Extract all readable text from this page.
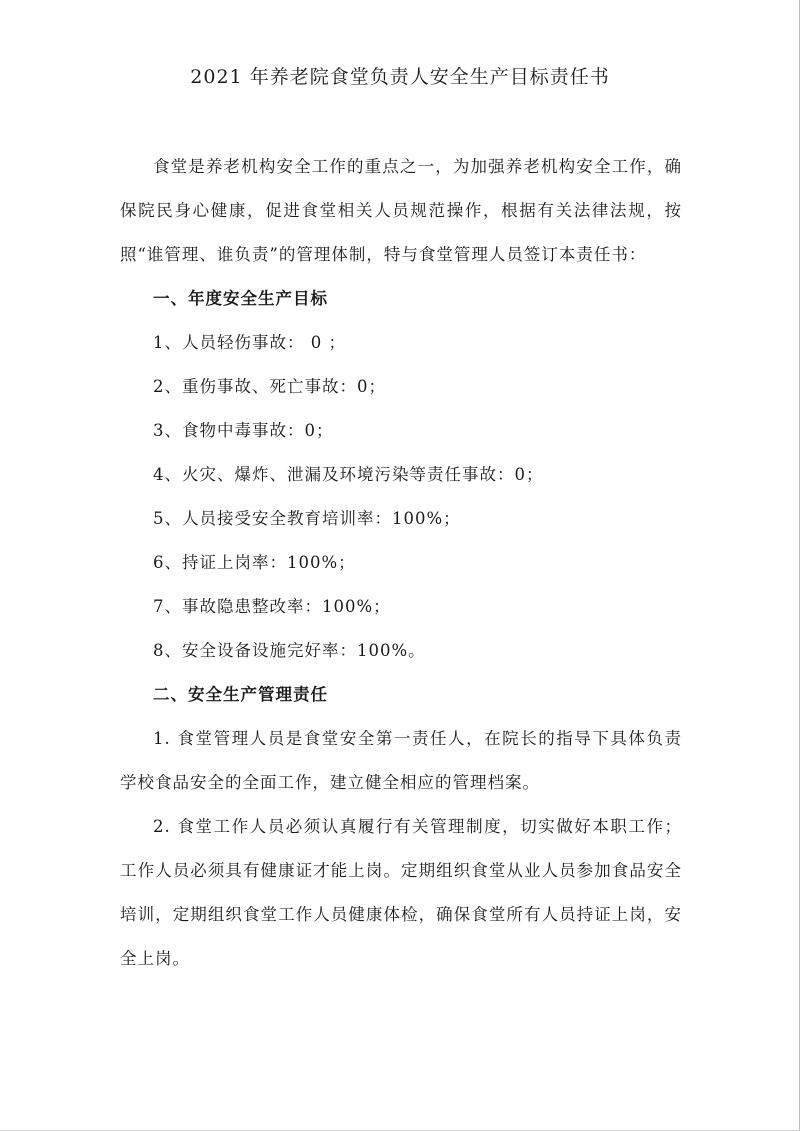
2021 年养老院食堂负责人安全生产目标责任书

食堂是养老机构安全工作的重点之一，为加强养老机构安全工作，确保院民身心健康，促进食堂相关人员规范操作，根据有关法律法规，按照“谁管理、谁负责”的管理体制，特与食堂管理人员签订本责任书：

一、年度安全生产目标

1、人员轻伤事故： 0 ；

2、重伤事故、死亡事故：0；

3、食物中毒事故：0；

4、火灾、爆炸、泄漏及环境污染等责任事故：0；

5、人员接受安全教育培训率：100%；

6、持证上岗率：100%；

7、事故隐患整改率：100%；

8、安全设备设施完好率：100%。

二、安全生产管理责任

1. 食堂管理人员是食堂安全第一责任人，在院长的指导下具体负责学校食品安全的全面工作，建立健全相应的管理档案。

2. 食堂工作人员必须认真履行有关管理制度，切实做好本职工作；工作人员必须具有健康证才能上岗。定期组织食堂从业人员参加食品安全培训，定期组织食堂工作人员健康体检，确保食堂所有人员持证上岗，安全上岗。
